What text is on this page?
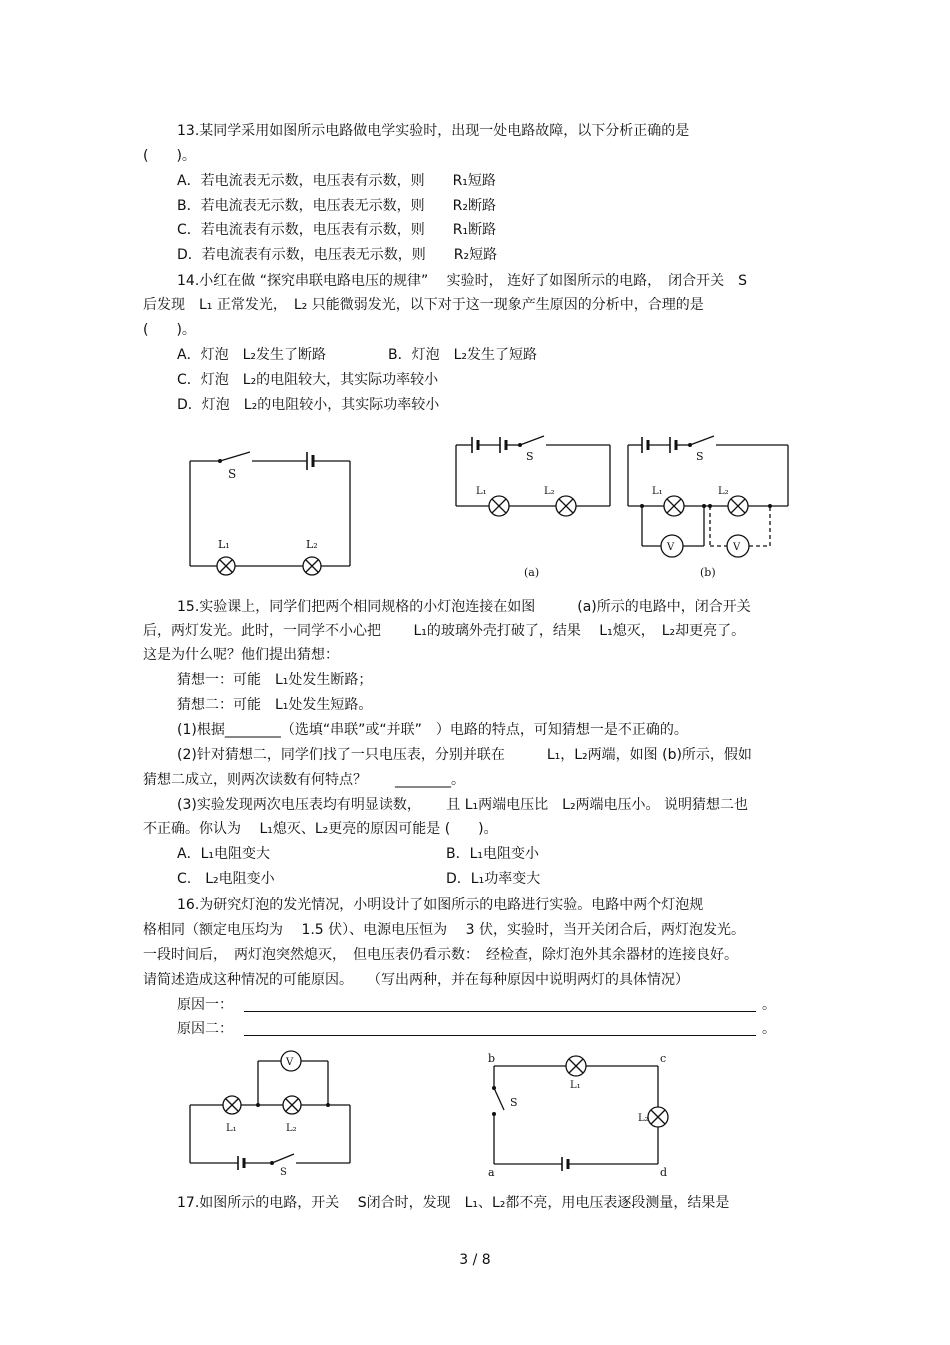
13.某同学采用如图所示电路做电学实验时，出现一处电路故障，以下分析正确的是
(　　)。
A．若电流表无示数，电压表有示数，则　　R₁短路
B．若电流表无示数，电压表无示数，则　　R₂断路
C．若电流表有示数，电压表有示数，则　　R₁断路
D．若电流表有示数，电压表无示数，则　　R₂短路
14.小红在做 “探究串联电路电压的规律”　 实验时， 连好了如图所示的电路，　闭合开关　S
后发现　L₁ 正常发光，　L₂ 只能微弱发光，以下对于这一现象产生原因的分析中，合理的是
(　　)。
A．灯泡　L₂发生了断路	B．灯泡　L₂发生了短路
C．灯泡　L₂的电阻较大，其实际功率较小
D．灯泡　L₂的电阻较小，其实际功率较小
S
L₁	L₂
S
L₁	L₂
(a)
S
L₁	L₂
V	V
(b)
15.实验课上，同学们把两个相同规格的小灯泡连接在如图　　　(a)所示的电路中，闭合开关
后，两灯发光。此时，一同学不小心把　　 L₁的玻璃外壳打破了，结果　 L₁熄灭，　L₂却更亮了。
这是为什么呢？他们提出猜想：
猜想一：可能　L₁处发生断路；
猜想二：可能　L₁处发生短路。
(1)根据________（选填“串联”或“并联”　）电路的特点，可知猜想一是不正确的。
(2)针对猜想二，同学们找了一只电压表，分别并联在　　　L₁，L₂两端，如图 (b)所示，假如
猜想二成立，则两次读数有何特点？　　________。
(3)实验发现两次电压表均有明显读数，　　 且 L₁两端电压比　L₂两端电压小。 说明猜想二也
不正确。你认为　 L₁熄灭、L₂更亮的原因可能是 (　　)。
A．L₁电阻变大	B．L₁电阻变小
C.　L₂电阻变小	D．L₁功率变大
16.为研究灯泡的发光情况，小明设计了如图所示的电路进行实验。电路中两个灯泡规
格相同（额定电压均为　 1.5 伏）、电源电压恒为　 3 伏，实验时，当开关闭合后，两灯泡发光。
一段时间后，　两灯泡突然熄灭，　但电压表仍看示数：　经检查，除灯泡外其余器材的连接良好。
请简述造成这种情况的可能原因。　　（写出两种，并在每种原因中说明两灯的具体情况）
原因一：	。
原因二：	。
V
L₁	L₂
S
S
L₁
L₂
b	c
a	d
17.如图所示的电路，开关　 S闭合时，发现　L₁、L₂都不亮，用电压表逐段测量，结果是
3 / 8
